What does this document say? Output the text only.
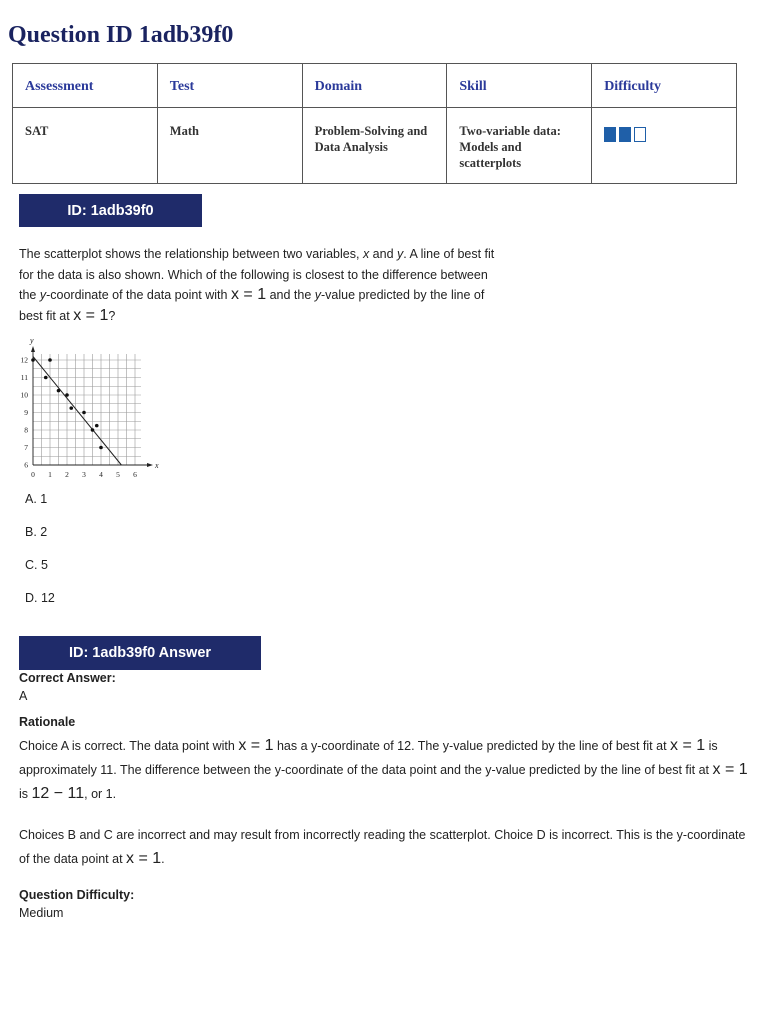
Question ID 1adb39f0
Assessment	Test	Domain	Skill	Difficulty
SAT	Math	Problem-Solving and Data Analysis	Two-variable data: Models and scatterplots	
ID: 1adb39f0
The scatterplot shows the relationship between two variables, x and y. A line of best fit for the data is also shown. Which of the following is closest to the difference between the y-coordinate of the data point with x = 1 and the y-value predicted by the line of best fit at x = 1?
x
y
0 1 2 3 4 5 6
6
7
8
9
10
11
12
A. 1
B. 2
C. 5
D. 12
ID: 1adb39f0 Answer
Correct Answer:
A
Rationale
Choice A is correct. The data point with x = 1 has a y-coordinate of 12. The y-value predicted by the line of best fit at x = 1 is approximately 11. The difference between the y-coordinate of the data point and the y-value predicted by the line of best fit at x = 1 is 12 − 11, or 1.
Choices B and C are incorrect and may result from incorrectly reading the scatterplot. Choice D is incorrect. This is the y-coordinate of the data point at x = 1.
Question Difficulty:
Medium
